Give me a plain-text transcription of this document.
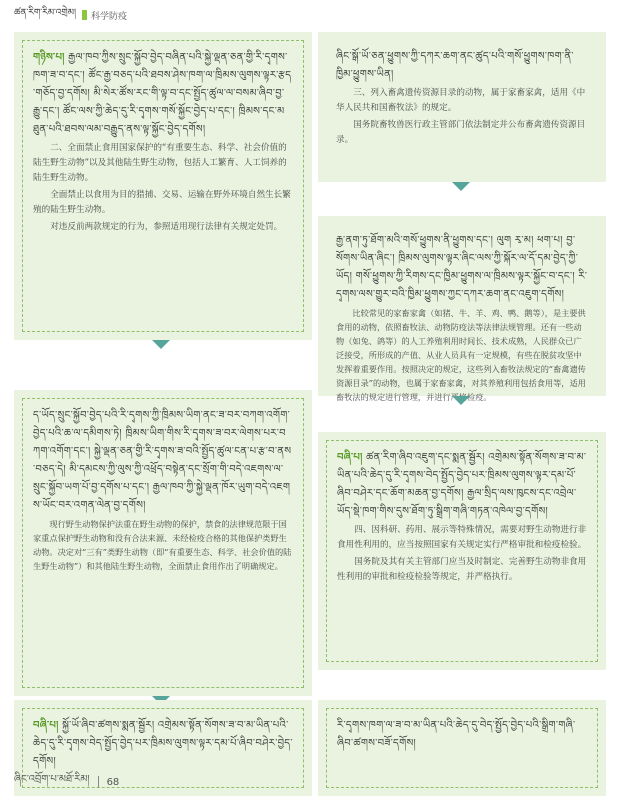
ཚན་རིག་རིམ་འགྲེམ། 科学防疫
གཉིས་པ། རྒྱལ་ཁབ་ཀྱིས་སྲུང་སྐྱོབ་བྱེད་བཞིན་པའི་སྐྱེ་ལྡན་ཅན་གྱི་རི་དྭགས་ཁག་ཟ་བ་དང་། ཚོང་རྒྱ་བཅད་པའི་ཐབས་ཤེས་ཁག་ལ་ཁྲིམས་ལུགས་ལྟར་རྩད་གཅོད་བྱ་དགོས། མི་སེར་ཚོས་རང་གི་ལྟ་བ་དང་སྤྱོད་ཚུལ་ལ་བསམ་ཞིབ་བྱ་རྒྱུ་དང་། ཚོང་ལས་ཀྱི་ཆེད་དུ་རི་དྭགས་གསོ་སྐྱོང་བྱེད་པ་དང་། ཁྲིམས་དང་མཐུན་པའི་ཐབས་ལམ་བརྒྱུད་ནས་ལྟ་སྐྱོང་བྱེད་དགོས།

二、全面禁止食用国家保护的“有重要生态、科学、社会价值的陆生野生动物”以及其他陆生野生动物，包括人工繁育、人工饲养的陆生野生动物。

全面禁止以食用为目的猎捕、交易、运输在野外环境自然生长繁殖的陆生野生动物。

对违反前两款规定的行为，参照适用现行法律有关规定处罚。

ད་ཡོད་སྲུང་སྐྱོབ་བྱེད་པའི་རི་དྭགས་ཀྱི་ཁྲིམས་ཡིག་ནང་ཟ་བར་བཀག་འགོག་བྱེད་པའི་ཆ་ལ་དམིགས་ཏེ། ཁྲིམས་ཡིག་གིས་རི་དྭགས་ཟ་བར་ལེགས་པར་བཀག་འགོག་དང་། སྐྱེ་ལྡན་ཅན་གྱི་རི་དྭགས་ཟ་བའི་སྤྱོད་ཚུལ་ངན་པ་རྩ་བ་ནས་བཅད་དེ། མི་དམངས་ཀྱི་ལུས་ཀྱི་འཕྲོད་བསྟེན་དང་སྲོག་གི་བདེ་འཇགས་ལ་སྲུང་སྐྱོབ་ཡག་པོ་བྱ་དགོས་པ་དང་། རྒྱལ་ཁབ་ཀྱི་སྐྱེ་ལྡན་ཁོར་ཡུག་བདེ་འཇགས་ཡོང་བར་འགན་ལེན་བྱ་དགོས།

现行野生动物保护法重在野生动物的保护，禁食的法律规范限于国家重点保护野生动物和没有合法来源、未经检疫合格的其他保护类野生动物。决定对“三有”类野生动物（即“有重要生态、科学、社会价值的陆生野生动物”）和其他陆生野生动物，全面禁止食用作出了明确规定。

བཞི་པ། སྐྱོ་ཡོ་ཞིབ་ཚགས་སྨན་སྦྱོར། འགྲེམས་སྟོན་སོགས་ཟ་བ་མ་ཡིན་པའི་ཆེད་དུ་རི་དྭགས་བེད་སྤྱོད་བྱེད་པར་ཁྲིམས་ལུགས་ལྟར་དམ་པོ་ཞིབ་བཤེར་བྱེད་དགོས།
ཞིང་སྒོ་ཡོ་ཅན་ཕྱུགས་ཀྱི་དཀར་ཆག་ནང་ཚུད་པའི་གསོ་ཕྱུགས་ཁག་ནི་ཁྱིམ་ཕྱུགས་ཡིན།

三、列入畜禽遗传资源目录的动物，属于家畜家禽，适用《中华人民共和国畜牧法》的规定。

国务院畜牧兽医行政主管部门依法制定并公布畜禽遗传资源目录。

རྒྱ་ནག་ཏུ་ཐོག་མའི་གསོ་ཕྱུགས་ནི་ཕྱུགས་དང་། ལུག རྭ་མ། ཕག་པ། བྱ་སོགས་ཡིན་ཞིང་། ཁྲིམས་ལུགས་ལྟར་ཞིང་ལས་ཀྱི་སྐོར་ལ་དོ་དམ་བྱེད་ཀྱི་ཡོད། གསོ་ཕྱུགས་ཀྱི་རིགས་དང་ཁྱིམ་ཕྱུགས་ལ་ཁྲིམས་ལྟར་སྐྱོང་བ་དང་། རི་དྭགས་ལས་གྱུར་བའི་ཁྱིམ་ཕྱུགས་ཀྱང་དཀར་ཆག་ནང་འཇུག་དགོས།

比较常见的家畜家禽（如猪、牛、羊、鸡、鸭、鹅等），是主要供食用的动物，依照畜牧法、动物防疫法等法律法规管理。还有一些动物（如兔、鸽等）的人工养殖利用时间长、技术成熟，人民群众已广泛接受，所形成的产值、从业人员具有一定规模，有些在脱贫攻坚中发挥着重要作用。按照决定的规定，这些列入畜牧法规定的“畜禽遗传资源目录”的动物，也属于家畜家禽，对其养殖利用包括食用等，适用畜牧法的规定进行管理，并进行严格检疫。

བཞི་པ། ཚན་རིག་ཞིབ་འཇུག་དང་སྨན་སྦྱོར། འགྲེམས་སྟོན་སོགས་ཟ་བ་མ་ཡིན་པའི་ཆེད་དུ་རི་དྭགས་བེད་སྤྱོད་བྱེད་པར་ཁྲིམས་ལུགས་ལྟར་དམ་པོ་ཞིབ་བཤེར་དང་ཆོག་མཆན་བྱ་དགོས། རྒྱལ་སྲིད་ལས་ཁུངས་དང་འབྲེལ་ཡོད་སྡེ་ཁག་གིས་དུས་ཐོག་ཏུ་སྒྲིག་གཞི་གཏན་འཁེལ་བྱ་དགོས།

四、因科研、药用、展示等特殊情况，需要对野生动物进行非食用性利用的，应当按照国家有关规定实行严格审批和检疫检验。

国务院及其有关主管部门应当及时制定、完善野生动物非食用性利用的审批和检疫检验等规定，并严格执行。

རི་དྭགས་ཁག་ལ་ཟ་བ་མ་ཡིན་པའི་ཆེད་དུ་བེད་སྤྱོད་བྱེད་པའི་སྒྲིག་གཞི་ཞིབ་ཚགས་བཟོ་དགོས།
ཞིང་འབྲོག་པ་མཐོ་རིམ། 68
